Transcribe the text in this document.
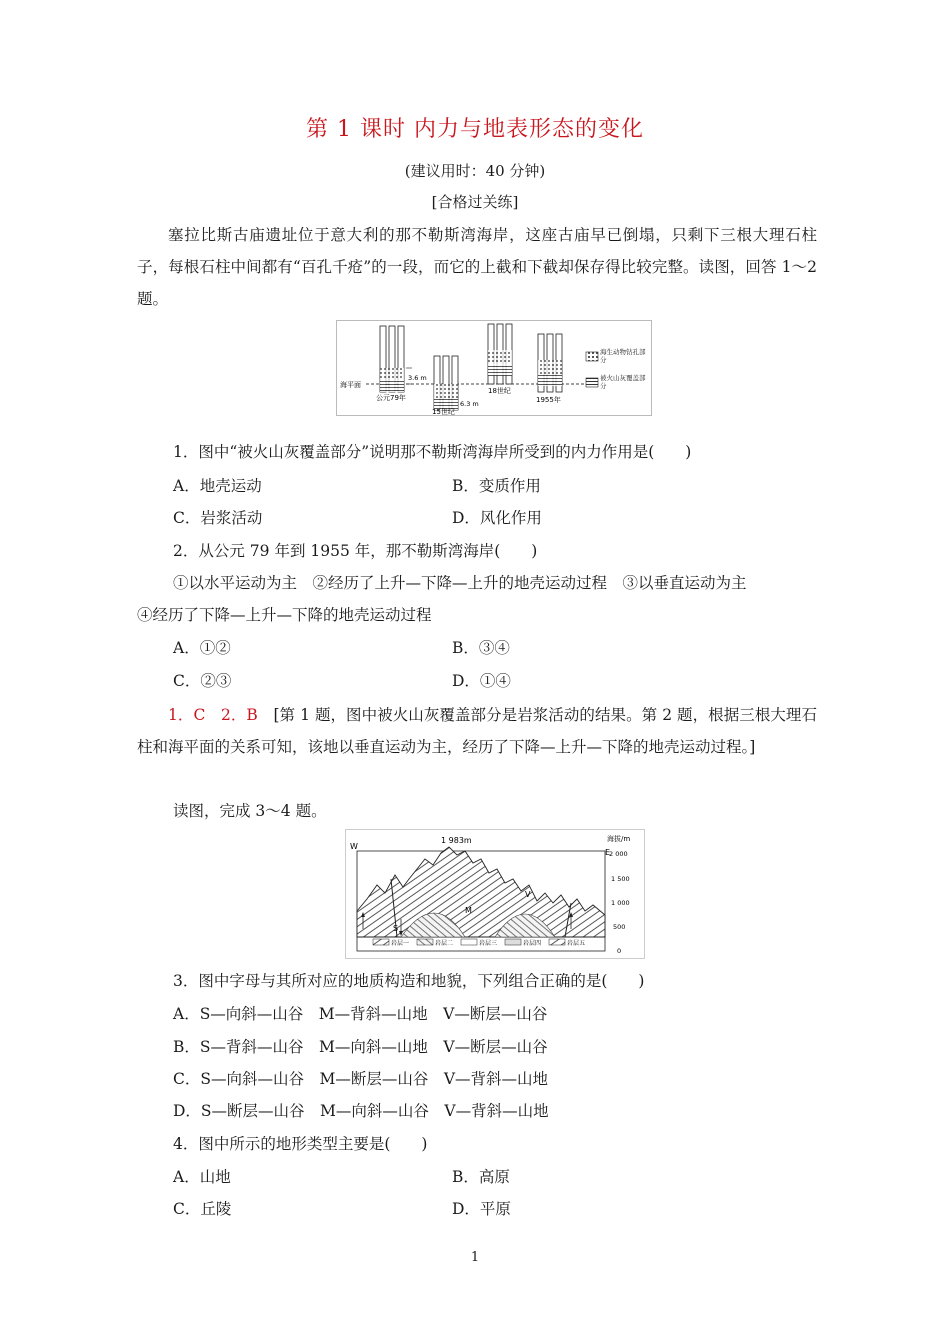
第 1 课时 内力与地表形态的变化
(建议用时：40 分钟)
[合格过关练]
塞拉比斯古庙遗址位于意大利的那不勒斯湾海岸，这座古庙早已倒塌，只剩下三根大理石柱子，每根石柱中间都有“百孔千疮”的一段，而它的上截和下截却保存得比较完整。读图，回答 1～2 题。
海平面
3.6 m
公元79年
6.3 m
15世纪
18世纪
1955年
海生动物钻孔部分
被火山灰覆盖部分
1．图中“被火山灰覆盖部分”说明那不勒斯湾海岸所受到的内力作用是(　　)
A．地壳运动	B．变质作用
C．岩浆活动	D．风化作用
2．从公元 79 年到 1955 年，那不勒斯湾海岸(　　)
①以水平运动为主　②经历了上升—下降—上升的地壳运动过程　③以垂直运动为主
④经历了下降—上升—下降的地壳运动过程
A．①②	B．③④
C．②③	D．①④
1．C　2．B　 [第 1 题，图中被火山灰覆盖部分是岩浆活动的结果。第 2 题，根据三根大理石柱和海平面的关系可知，该地以垂直运动为主，经历了下降—上升—下降的地壳运动过程。]
读图，完成 3～4 题。
W
E
1 983m	海拔/m
2 000
1 500
1 000
500
0
S
M
V
岩层一	岩层二	岩层三	岩层四	岩层五
3．图中字母与其所对应的地质构造和地貌，下列组合正确的是(　　)
A．S—向斜—山谷　M—背斜—山地　V—断层—山谷
B．S—背斜—山谷　M—向斜—山地　V—断层—山谷
C．S—向斜—山谷　M—断层—山谷　V—背斜—山地
D．S—断层—山谷　M—向斜—山谷　V—背斜—山地
4．图中所示的地形类型主要是(　　)
A．山地	B．高原
C．丘陵	D．平原
1
